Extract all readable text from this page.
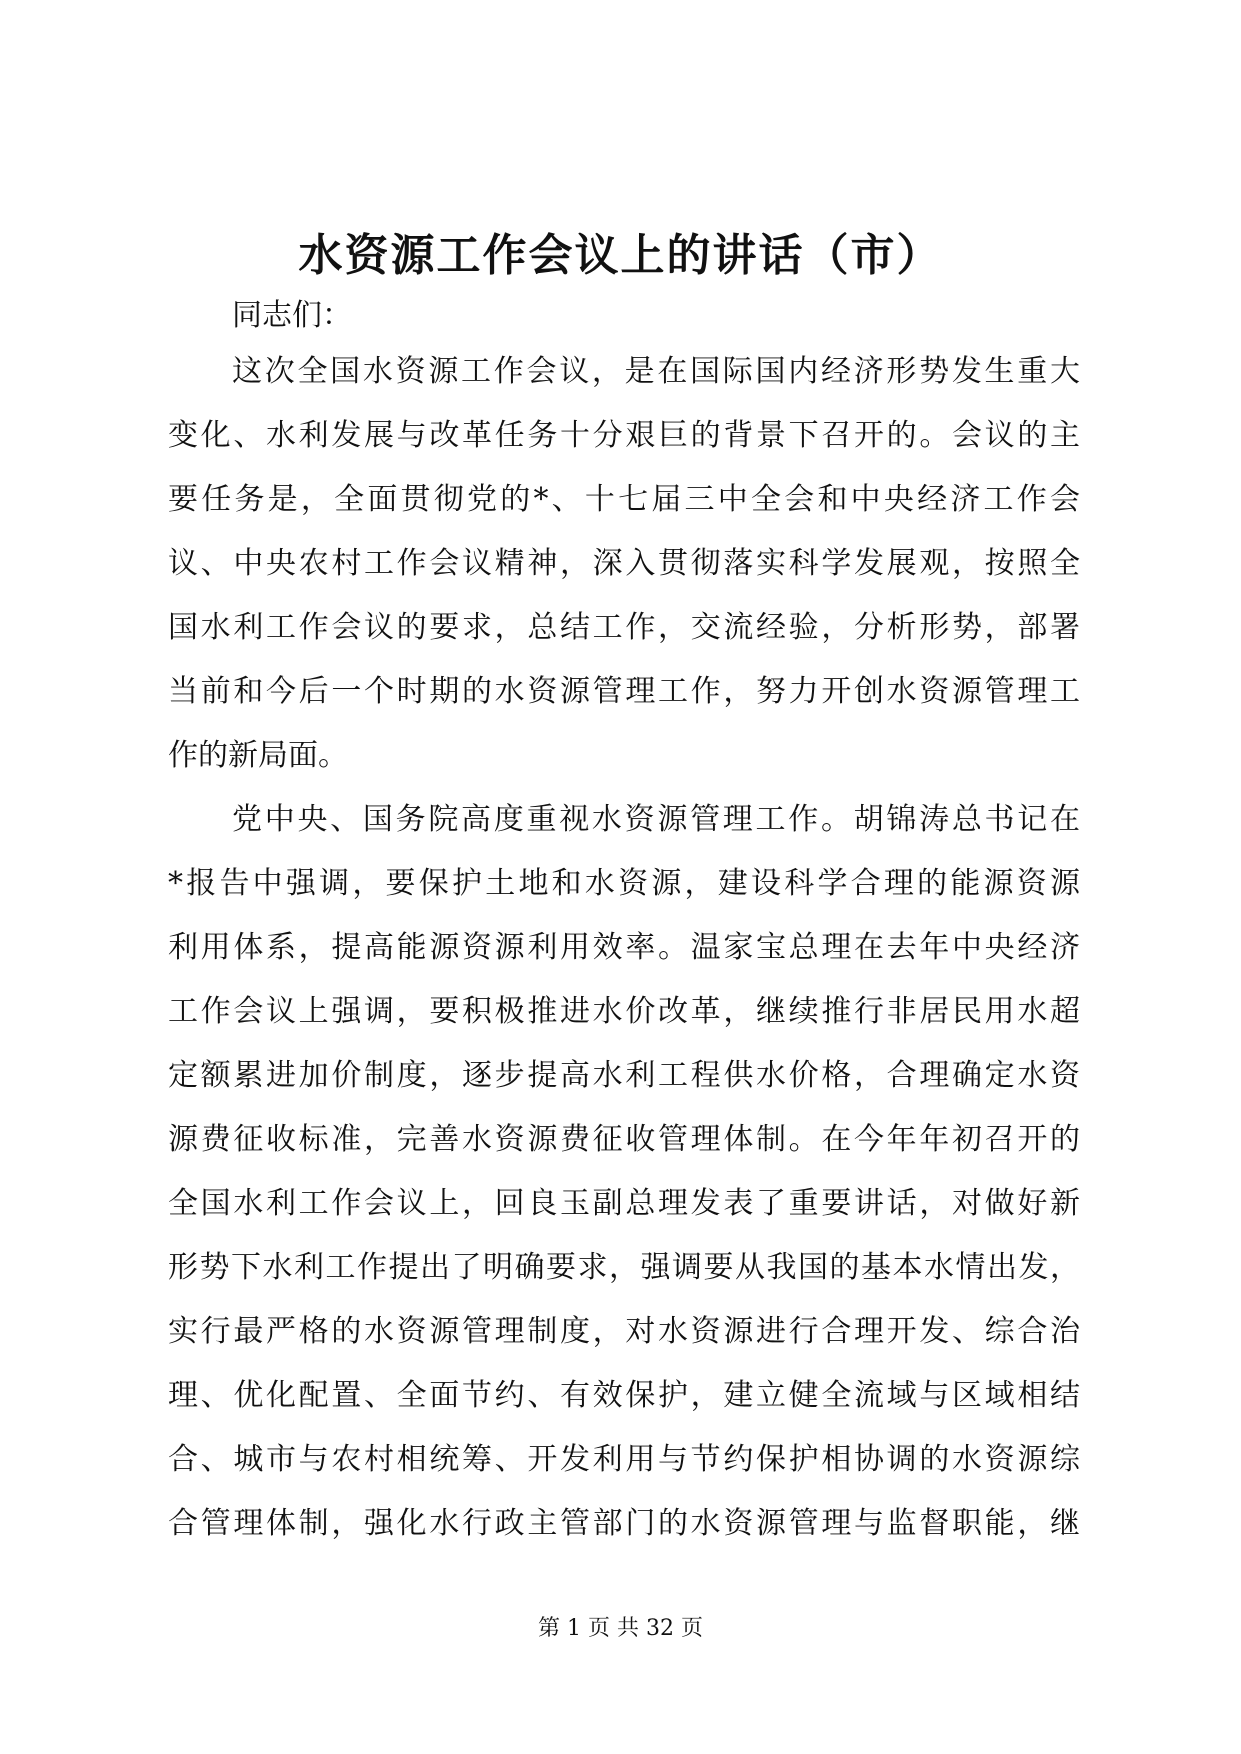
水资源工作会议上的讲话（市）
同志们：
这次全国水资源工作会议，是在国际国内经济形势发生重大
变化、水利发展与改革任务十分艰巨的背景下召开的。会议的主
要任务是，全面贯彻党的*、十七届三中全会和中央经济工作会
议、中央农村工作会议精神，深入贯彻落实科学发展观，按照全
国水利工作会议的要求，总结工作，交流经验，分析形势，部署
当前和今后一个时期的水资源管理工作，努力开创水资源管理工
作的新局面。
党中央、国务院高度重视水资源管理工作。胡锦涛总书记在
*报告中强调，要保护土地和水资源，建设科学合理的能源资源
利用体系，提高能源资源利用效率。温家宝总理在去年中央经济
工作会议上强调，要积极推进水价改革，继续推行非居民用水超
定额累进加价制度，逐步提高水利工程供水价格，合理确定水资
源费征收标准，完善水资源费征收管理体制。在今年年初召开的
全国水利工作会议上，回良玉副总理发表了重要讲话，对做好新
形势下水利工作提出了明确要求，强调要从我国的基本水情出发，
实行最严格的水资源管理制度，对水资源进行合理开发、综合治
理、优化配置、全面节约、有效保护，建立健全流域与区域相结
合、城市与农村相统筹、开发利用与节约保护相协调的水资源综
合管理体制，强化水行政主管部门的水资源管理与监督职能，继
第 1 页 共 32 页
